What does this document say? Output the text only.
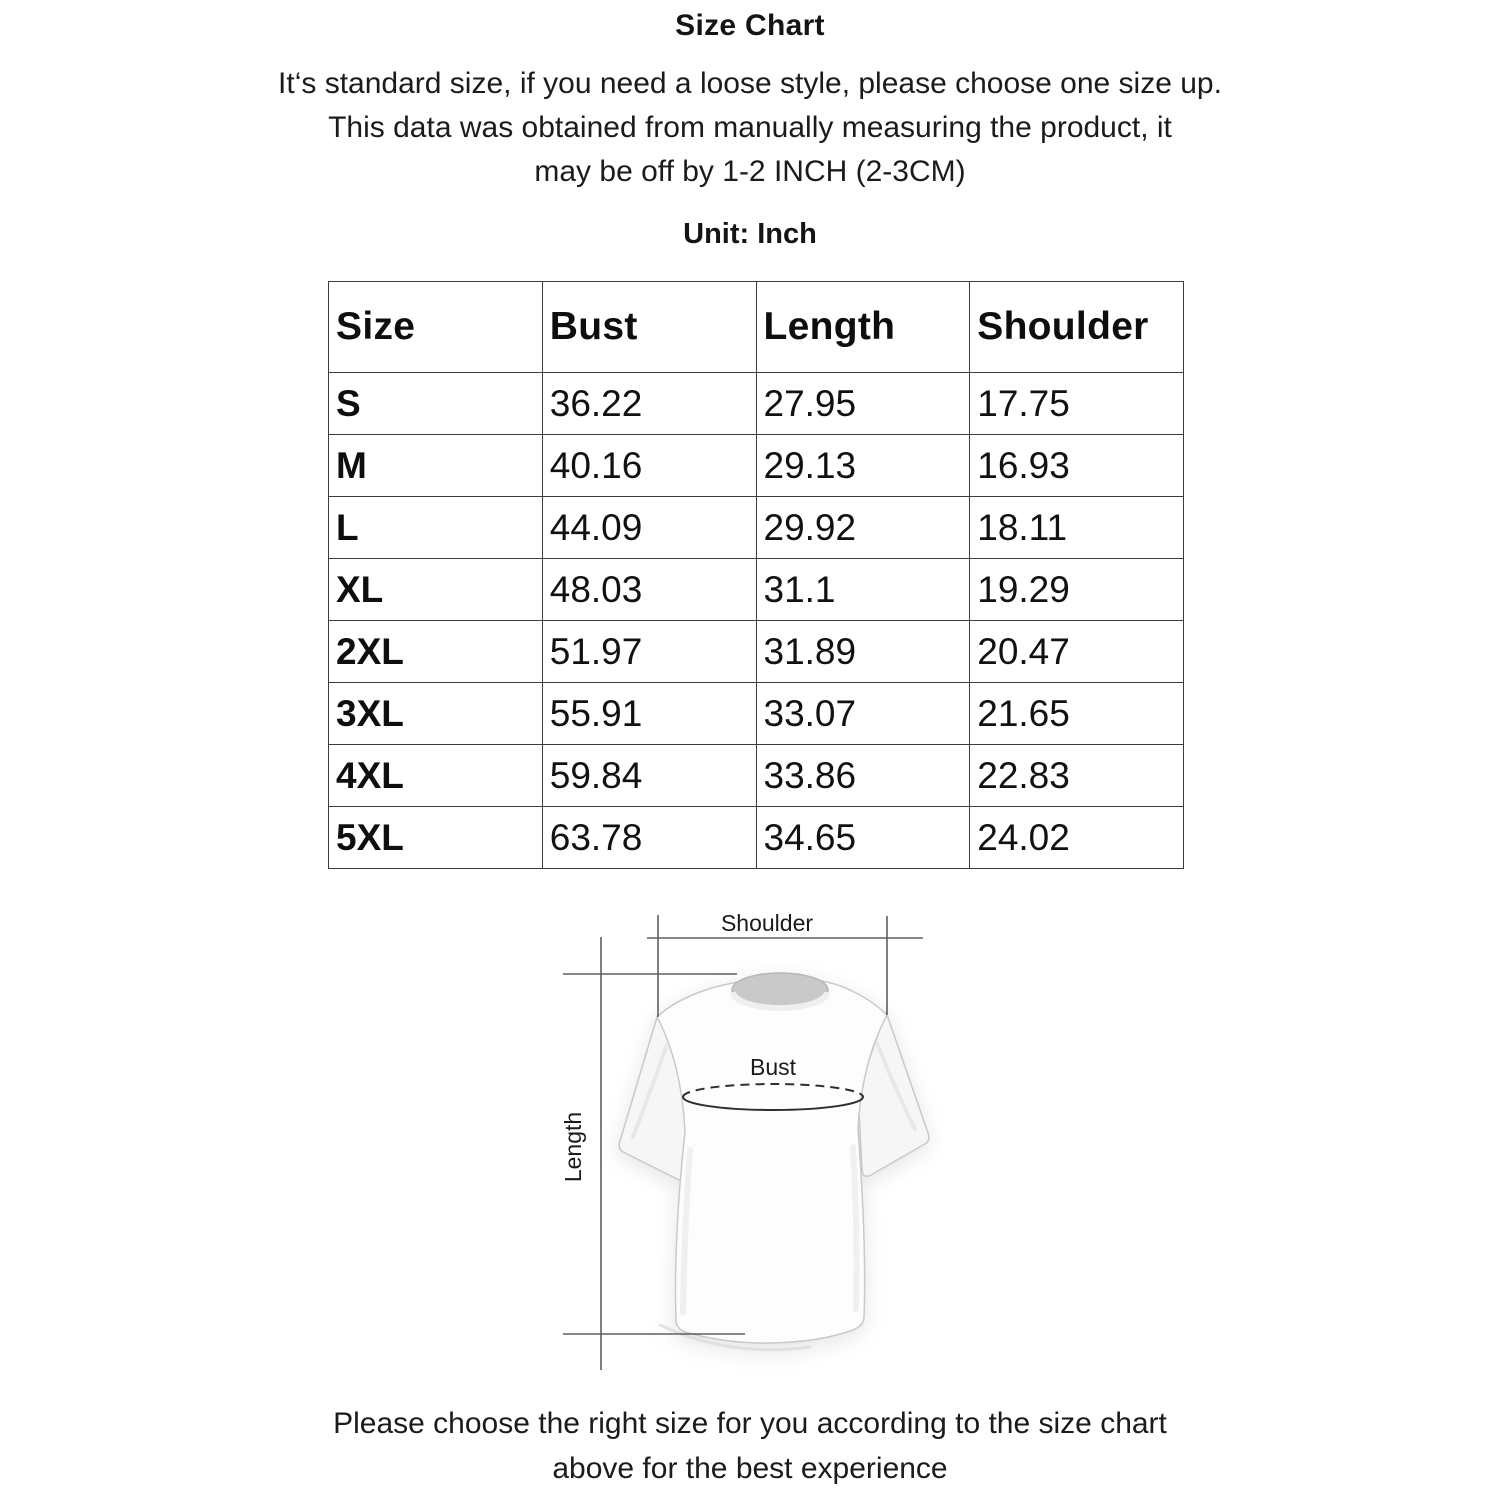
Size Chart
It‘s standard size, if you need a loose style, please choose one size up.
This data was obtained from manually measuring the product, it
may be off by 1-2 INCH (2-3CM)
Unit: Inch
Size	Bust	Length	Shoulder
S	36.22	27.95	17.75
M	40.16	29.13	16.93
L	44.09	29.92	18.11
XL	48.03	31.1	19.29
2XL	51.97	31.89	20.47
3XL	55.91	33.07	21.65
4XL	59.84	33.86	22.83
5XL	63.78	34.65	24.02
Shoulder
Bust
Length
Please choose the right size for you according to the size chart
above for the best experience
